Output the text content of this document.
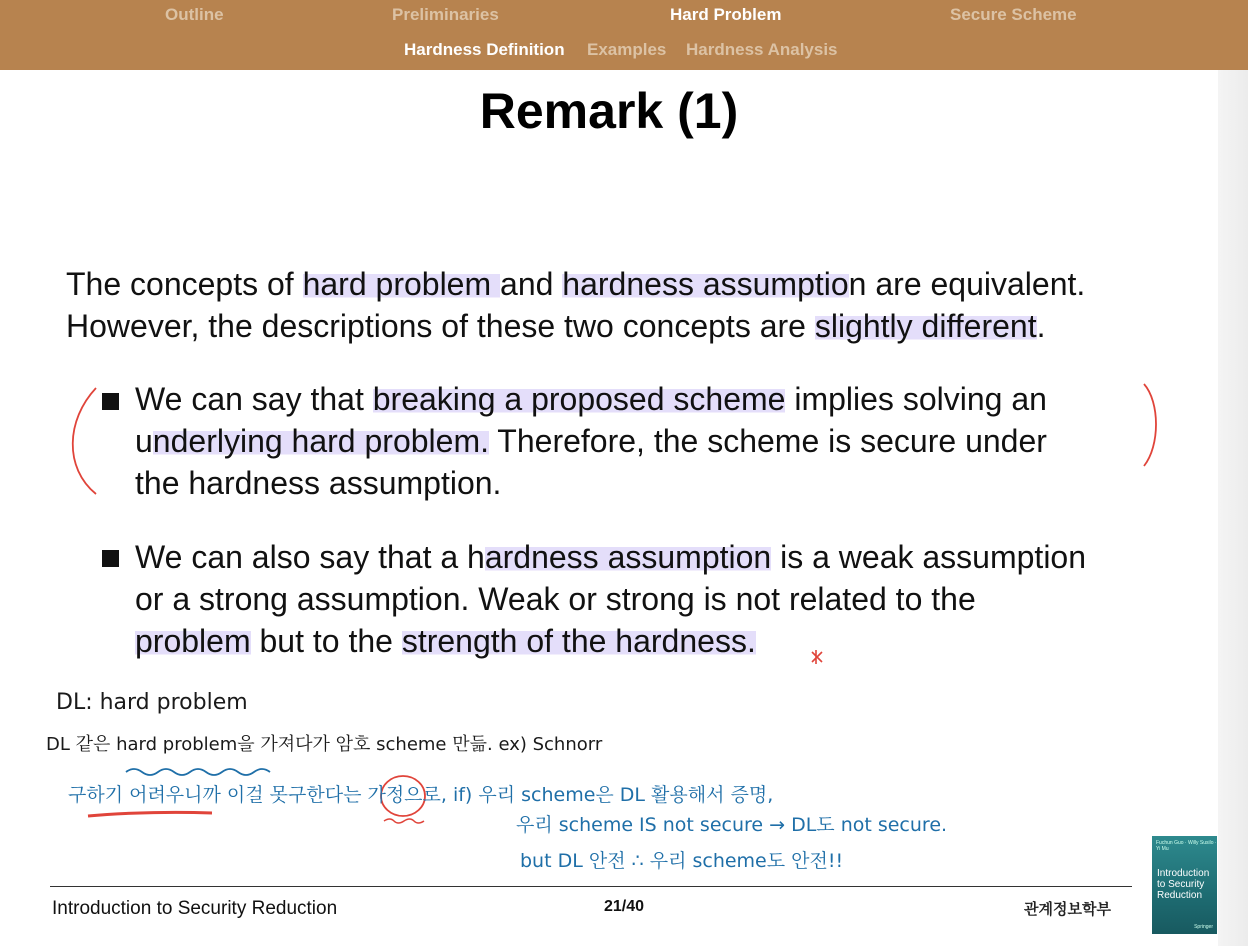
Outline	Preliminaries	Hard Problem	Secure Scheme
Hardness Definition Examples Hardness Analysis
Remark (1)
The concepts of hard problem and hardness assumption are equivalent.
However, the descriptions of these two concepts are slightly different.
We can say that breaking a proposed scheme implies solving an
underlying hard problem. Therefore, the scheme is secure under
the hardness assumption.
We can also say that a hardness assumption is a weak assumption
or a strong assumption. Weak or strong is not related to the
problem but to the strength of the hardness.
DL: hard problem
DL 같은 hard problem을 가져다가 암호 scheme 만듦. ex) Schnorr
구하기 어려우니까 이걸 못구한다는 가정으로, if) 우리 scheme은 DL 활용해서 증명,
우리 scheme IS not secure → DL도 not secure.
but DL 안전 ∴ 우리 scheme도 안전!!
Introduction to Security Reduction	21/40	관계정보학부
Fuchun Guo · Willy Susilo · Yi Mu
Introduction to Security Reduction
Springer
